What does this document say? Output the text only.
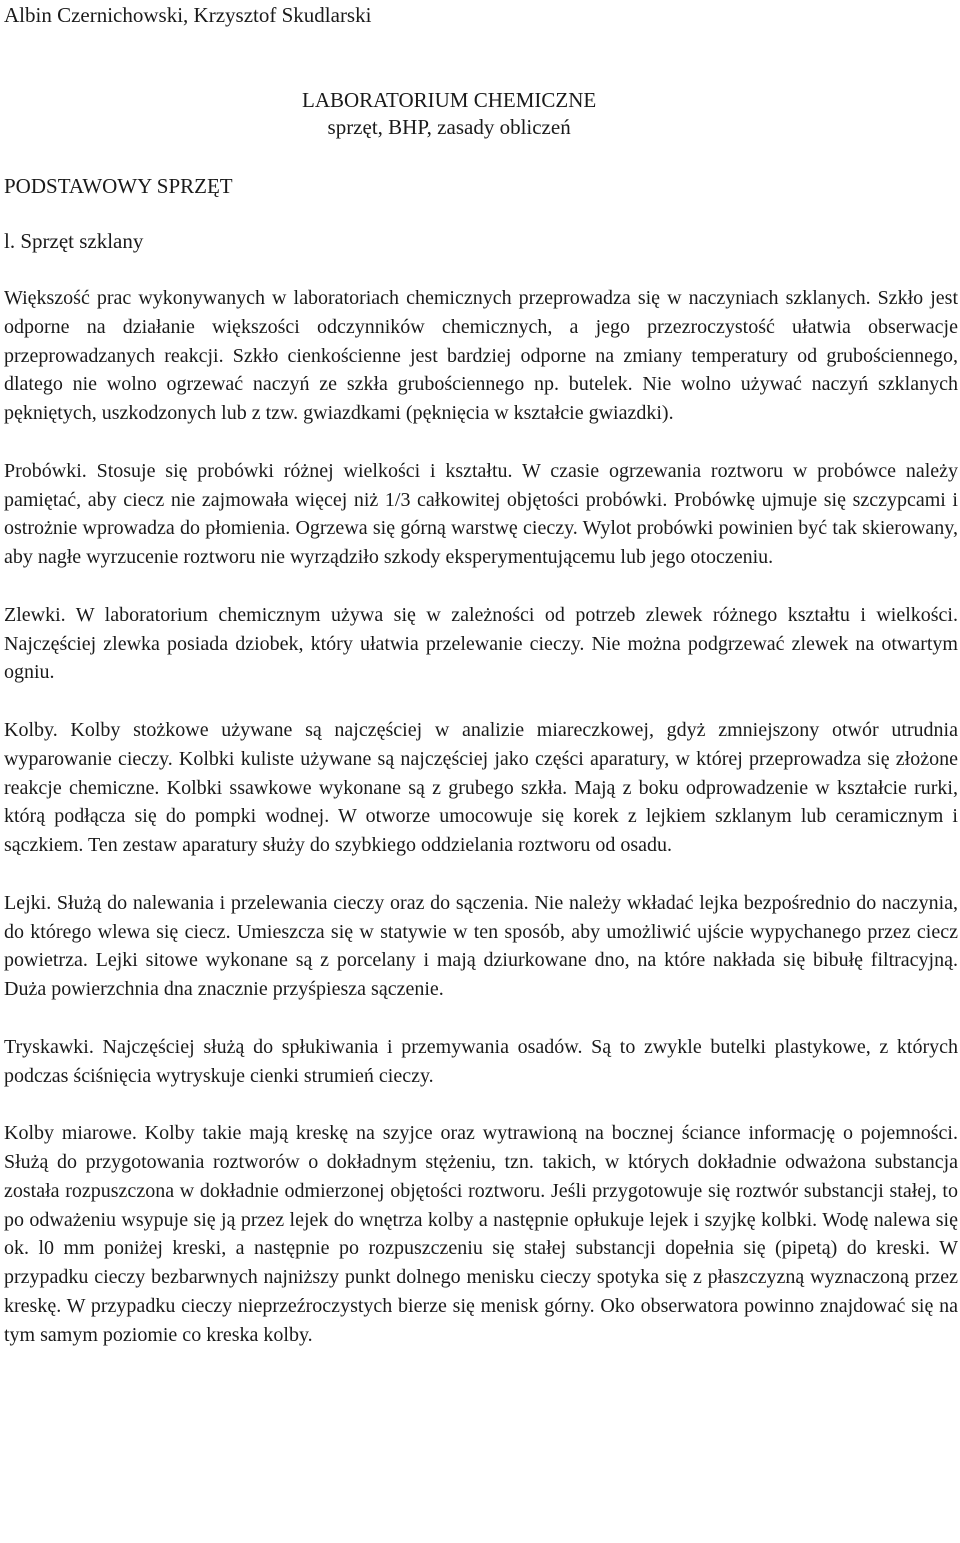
Albin Czernichowski, Krzysztof Skudlarski
LABORATORIUM CHEMICZNE
sprzęt, BHP, zasady obliczeń
PODSTAWOWY SPRZĘT
l. Sprzęt szklany

Większość prac wykonywanych w laboratoriach chemicznych przeprowadza się w naczyniach szklanych. Szkło jest odporne na działanie większości odczynników chemicznych, a jego przezroczystość ułatwia obserwacje przeprowadzanych reakcji. Szkło cienkościenne jest bardziej odporne na zmiany temperatury od grubościennego, dlatego nie wolno ogrzewać naczyń ze szkła grubościennego np. butelek. Nie wolno używać naczyń szklanych pękniętych, uszkodzonych lub z tzw. gwiazdkami (pęknięcia w kształcie gwiazdki).

Probówki. Stosuje się probówki różnej wielkości i kształtu. W czasie ogrzewania roztworu w probówce należy pamiętać, aby ciecz nie zajmowała więcej niż 1/3 całkowitej objętości probówki. Probówkę ujmuje się szczypcami i ostrożnie wprowadza do płomienia. Ogrzewa się górną warstwę cieczy. Wylot probówki powinien być tak skierowany, aby nagłe wyrzucenie roztworu nie wyrządziło szkody eksperymentującemu lub jego otoczeniu.

Zlewki. W laboratorium chemicznym używa się w zależności od potrzeb zlewek różnego kształtu i wielkości. Najczęściej zlewka posiada dziobek, który ułatwia przelewanie cieczy. Nie można podgrzewać zlewek na otwartym ogniu.

Kolby. Kolby stożkowe używane są najczęściej w analizie miareczkowej, gdyż zmniejszony otwór utrudnia wyparowanie cieczy. Kolbki kuliste używane są najczęściej jako części aparatury, w której przeprowadza się złożone reakcje chemiczne. Kolbki ssawkowe wykonane są z grubego szkła. Mają z boku odprowadzenie w kształcie rurki, którą podłącza się do pompki wodnej. W otworze umocowuje się korek z lejkiem szklanym lub ceramicznym i sączkiem. Ten zestaw aparatury służy do szybkiego oddzielania roztworu od osadu.

Lejki. Służą do nalewania i przelewania cieczy oraz do sączenia. Nie należy wkładać lejka bezpośrednio do naczynia, do którego wlewa się ciecz. Umieszcza się w statywie w ten sposób, aby umożliwić ujście wypychanego przez ciecz powietrza. Lejki sitowe wykonane są z porcelany i mają dziurkowane dno, na które nakłada się bibułę filtracyjną. Duża powierzchnia dna znacznie przyśpiesza sączenie.

Tryskawki. Najczęściej służą do spłukiwania i przemywania osadów. Są to zwykle butelki plastykowe, z których podczas ściśnięcia wytryskuje cienki strumień cieczy.

Kolby miarowe. Kolby takie mają kreskę na szyjce oraz wytrawioną na bocznej ściance informację o pojemności. Służą do przygotowania roztworów o dokładnym stężeniu, tzn. takich, w których dokładnie odważona substancja została rozpuszczona w dokładnie odmierzonej objętości roztworu. Jeśli przygotowuje się roztwór substancji stałej, to po odważeniu wsypuje się ją przez lejek do wnętrza kolby a następnie opłukuje lejek i szyjkę kolbki. Wodę nalewa się ok. l0 mm poniżej kreski, a następnie po rozpuszczeniu się stałej substancji dopełnia się (pipetą) do kreski. W przypadku cieczy bezbarwnych najniższy punkt dolnego menisku cieczy spotyka się z płaszczyzną wyznaczoną przez kreskę. W przypadku cieczy nieprzeźroczystych bierze się menisk górny. Oko obserwatora powinno znajdować się na tym samym poziomie co kreska kolby.
